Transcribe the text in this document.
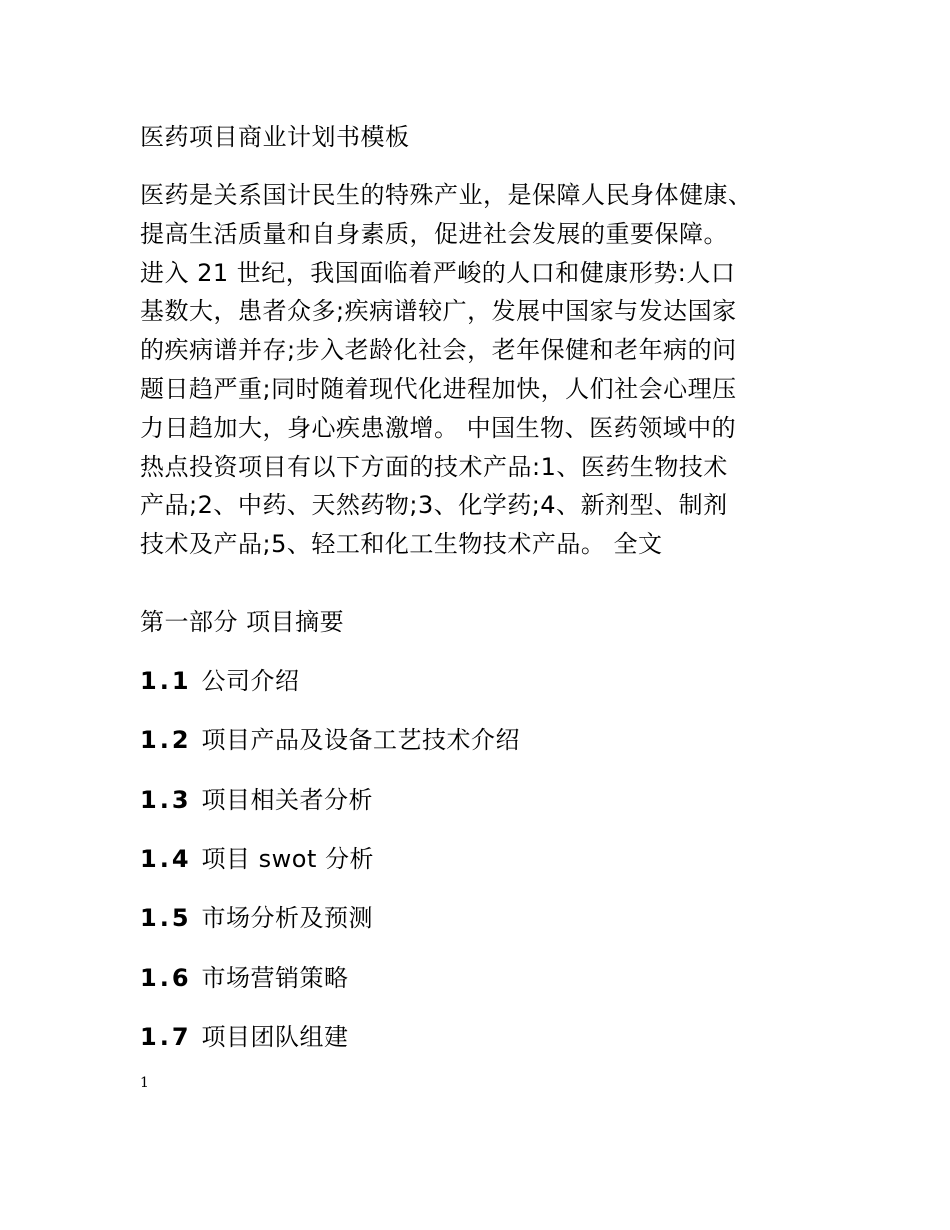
医药项目商业计划书模板
医药是关系国计民生的特殊产业，是保障人民身体健康、
提高生活质量和自身素质，促进社会发展的重要保障。
进入 21 世纪，我国面临着严峻的人口和健康形势:人口
基数大，患者众多;疾病谱较广，发展中国家与发达国家
的疾病谱并存;步入老龄化社会，老年保健和老年病的问
题日趋严重;同时随着现代化进程加快，人们社会心理压
力日趋加大，身心疾患激增。 中国生物、医药领域中的
热点投资项目有以下方面的技术产品:1、医药生物技术
产品;2、中药、天然药物;3、化学药;4、新剂型、制剂
技术及产品;5、轻工和化工生物技术产品。 全文
第一部分 项目摘要
1.1 公司介绍
1.2 项目产品及设备工艺技术介绍
1.3 项目相关者分析
1.4 项目 swot 分析
1.5 市场分析及预测
1.6 市场营销策略
1.7 项目团队组建
1
